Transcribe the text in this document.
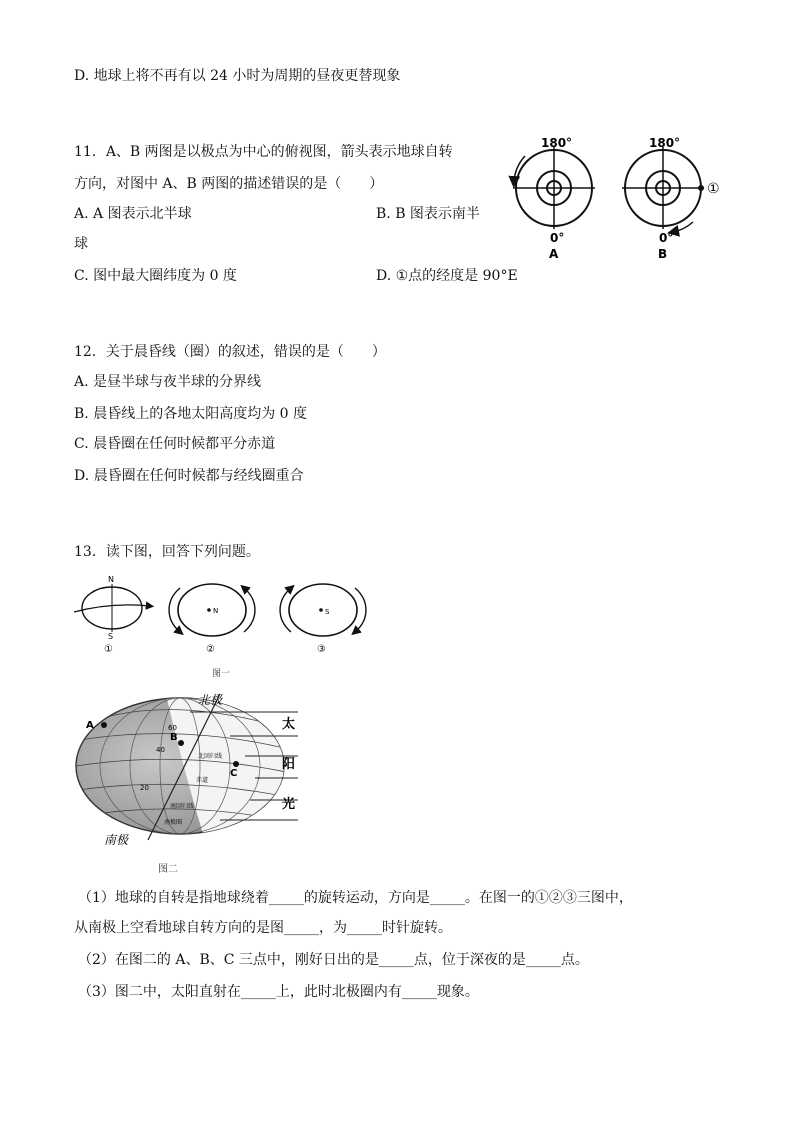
D. 地球上将不再有以 24 小时为周期的昼夜更替现象
11．A、B 两图是以极点为中心的俯视图，箭头表示地球自转
方向，对图中 A、B 两图的描述错误的是（　　）
A. A 图表示北半球	B. B 图表示南半
球
C. 图中最大圈纬度为 0 度	D. ①点的经度是 90°E
180°
0°
A
180°
①
0°
B
12．关于晨昏线（圈）的叙述，错误的是（　　）
A. 是昼半球与夜半球的分界线
B. 晨昏线上的各地太阳高度均为 0 度
C. 晨昏圈在任何时候都平分赤道
D. 晨昏圈在任何时候都与经线圈重合
13．读下图，回答下列问题。
N
S
①
N
②
S
③
图一
北极
南极
A
B
C
60
40
20
北回归线
赤道
南回归线
南极圈
太
阳
光
图二
（1）地球的自转是指地球绕着_____的旋转运动，方向是_____。在图一的①②③三图中，
从南极上空看地球自转方向的是图_____，为_____时针旋转。
（2）在图二的 A、B、C 三点中，刚好日出的是_____点，位于深夜的是_____点。
（3）图二中，太阳直射在_____上，此时北极圈内有_____现象。
